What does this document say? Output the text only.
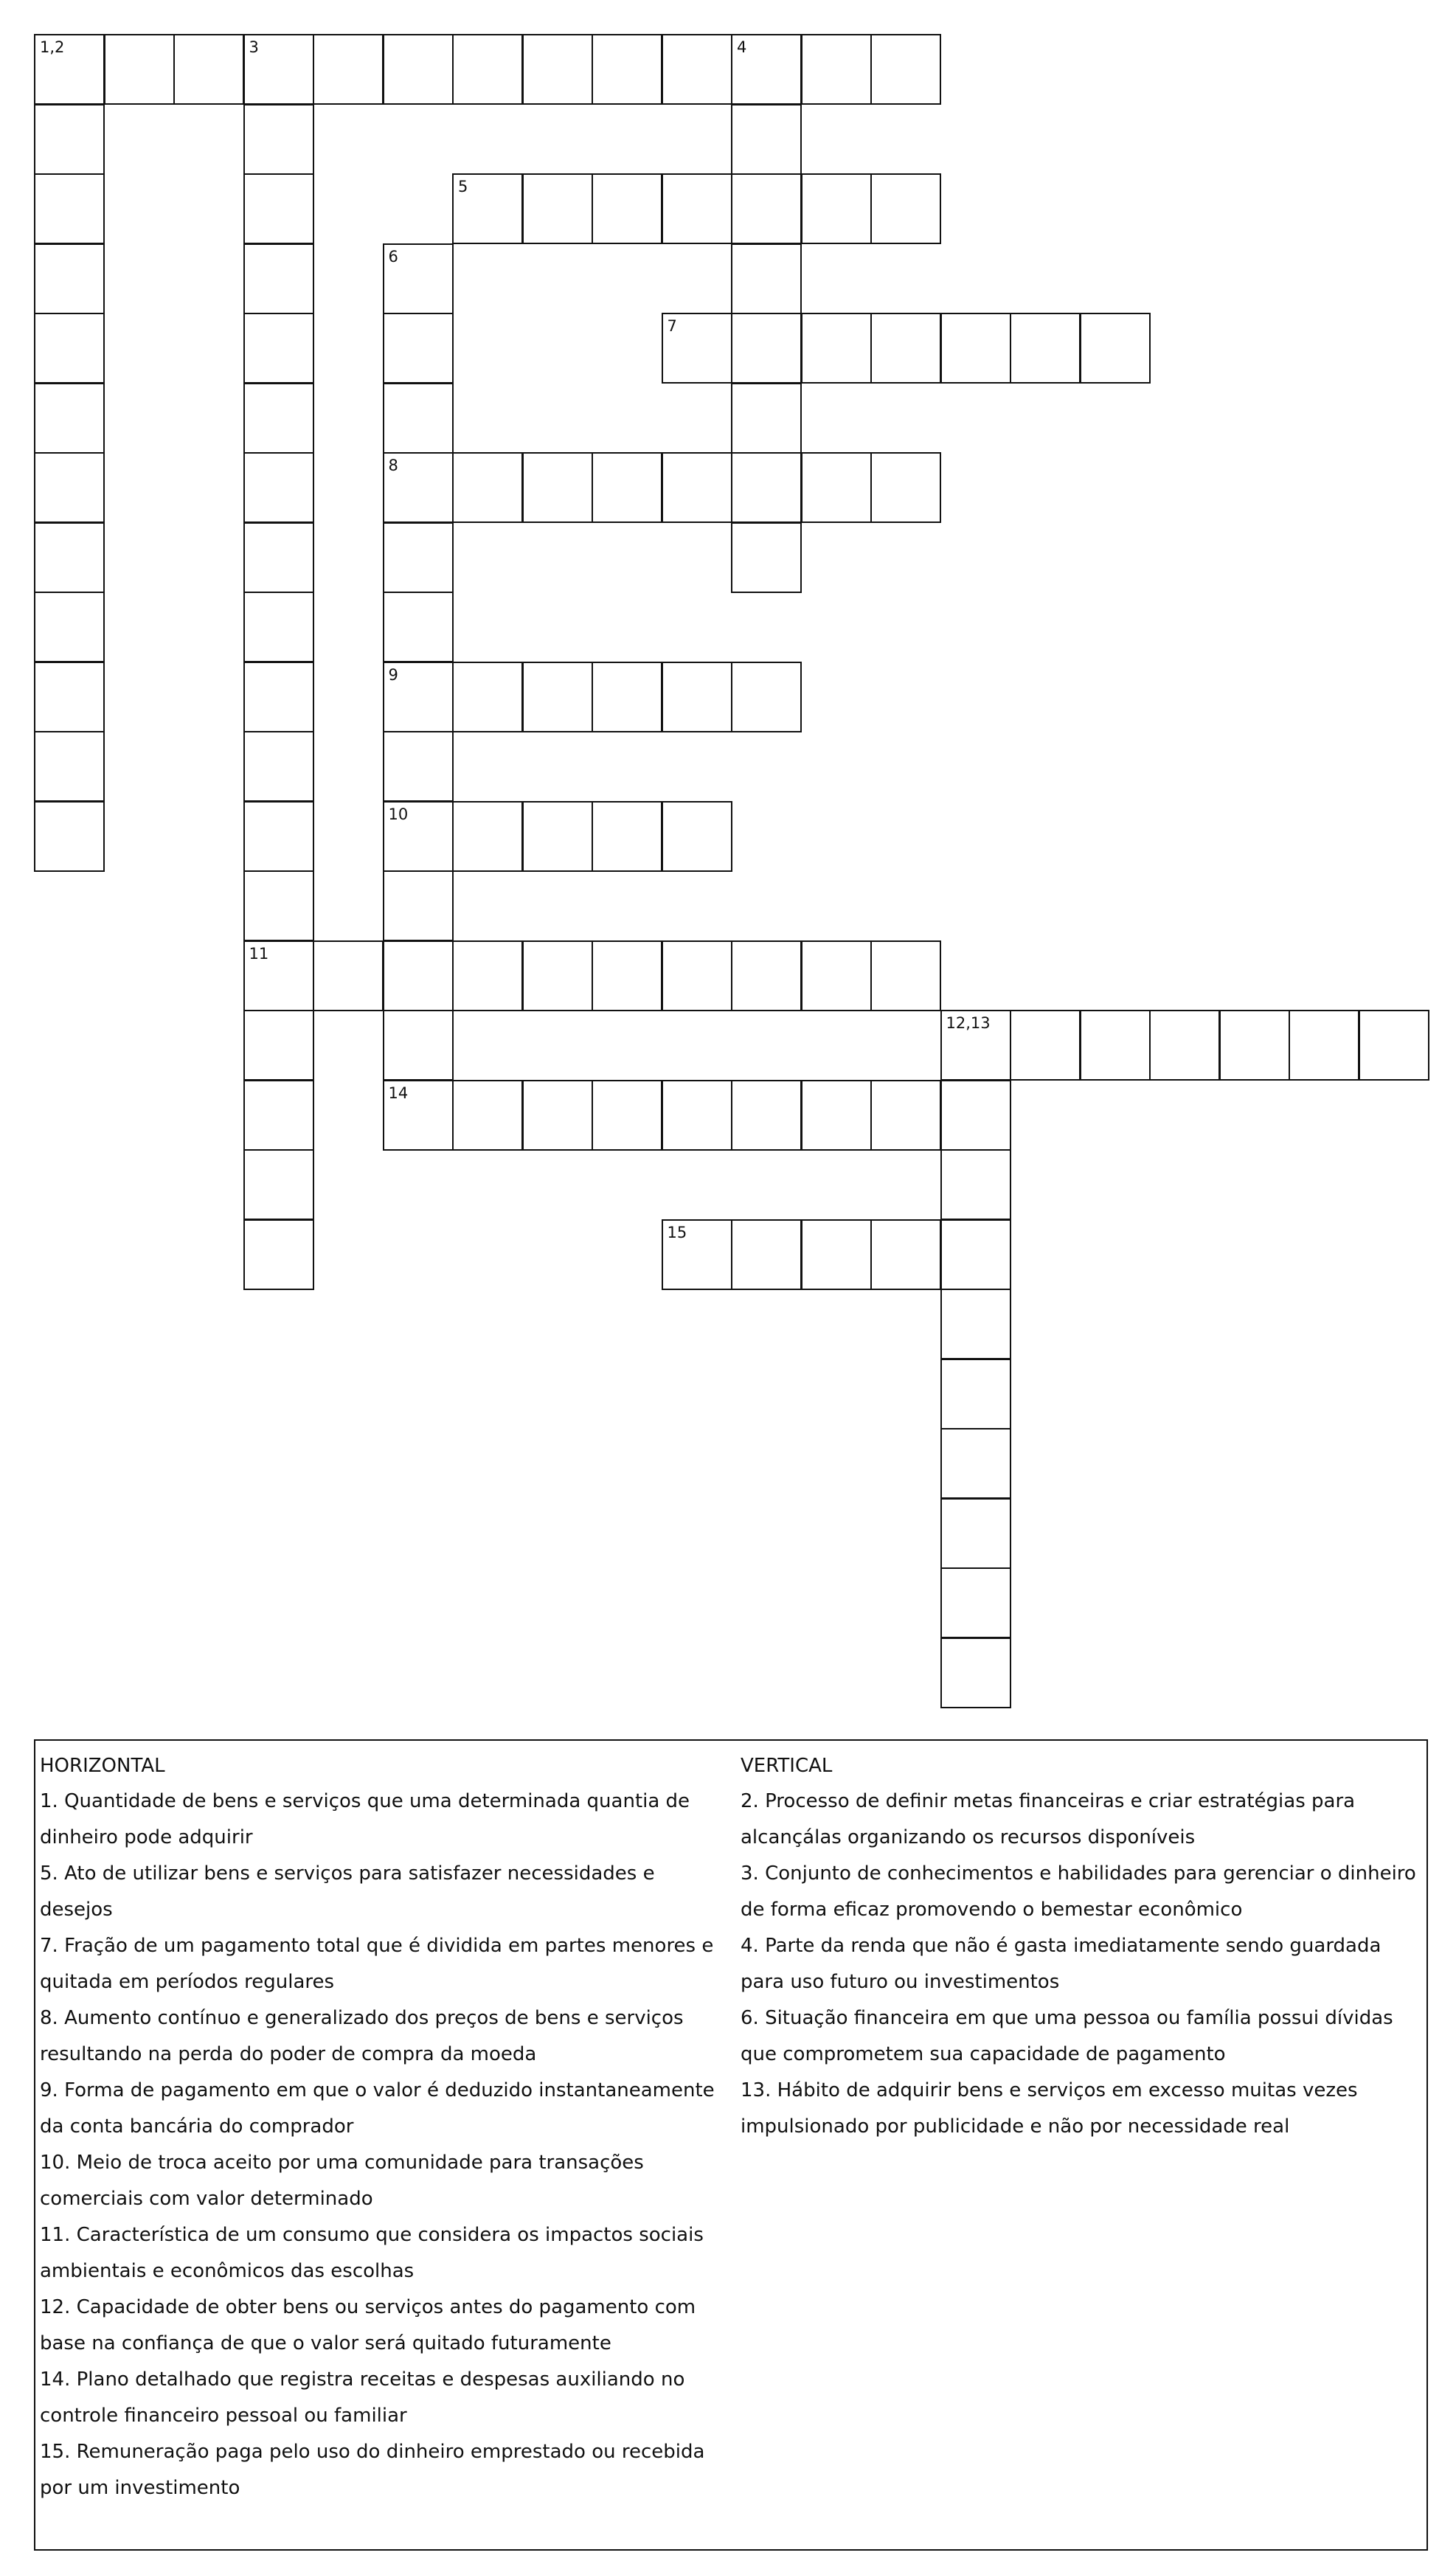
1,2	3	4
5
6
7
8
9
10
11
12,13
14
15

HORIZONTAL

1. Quantidade de bens e serviços que uma determinada quantia de dinheiro pode adquirir

5. Ato de utilizar bens e serviços para satisfazer necessidades e desejos

7. Fração de um pagamento total que é dividida em partes menores e quitada em períodos regulares

8. Aumento contínuo e generalizado dos preços de bens e serviços resultando na perda do poder de compra da moeda

9. Forma de pagamento em que o valor é deduzido instantaneamente da conta bancária do comprador

10. Meio de troca aceito por uma comunidade para transações comerciais com valor determinado

11. Característica de um consumo que considera os impactos sociais ambientais e econômicos das escolhas

12. Capacidade de obter bens ou serviços antes do pagamento com base na confiança de que o valor será quitado futuramente

14. Plano detalhado que registra receitas e despesas auxiliando no controle financeiro pessoal ou familiar

15. Remuneração paga pelo uso do dinheiro emprestado ou recebida por um investimento

VERTICAL

2. Processo de definir metas financeiras e criar estratégias para alcançálas organizando os recursos disponíveis

3. Conjunto de conhecimentos e habilidades para gerenciar o dinheiro de forma eficaz promovendo o bemestar econômico

4. Parte da renda que não é gasta imediatamente sendo guardada para uso futuro ou investimentos

6. Situação financeira em que uma pessoa ou família possui dívidas que comprometem sua capacidade de pagamento

13. Hábito de adquirir bens e serviços em excesso muitas vezes impulsionado por publicidade e não por necessidade real
